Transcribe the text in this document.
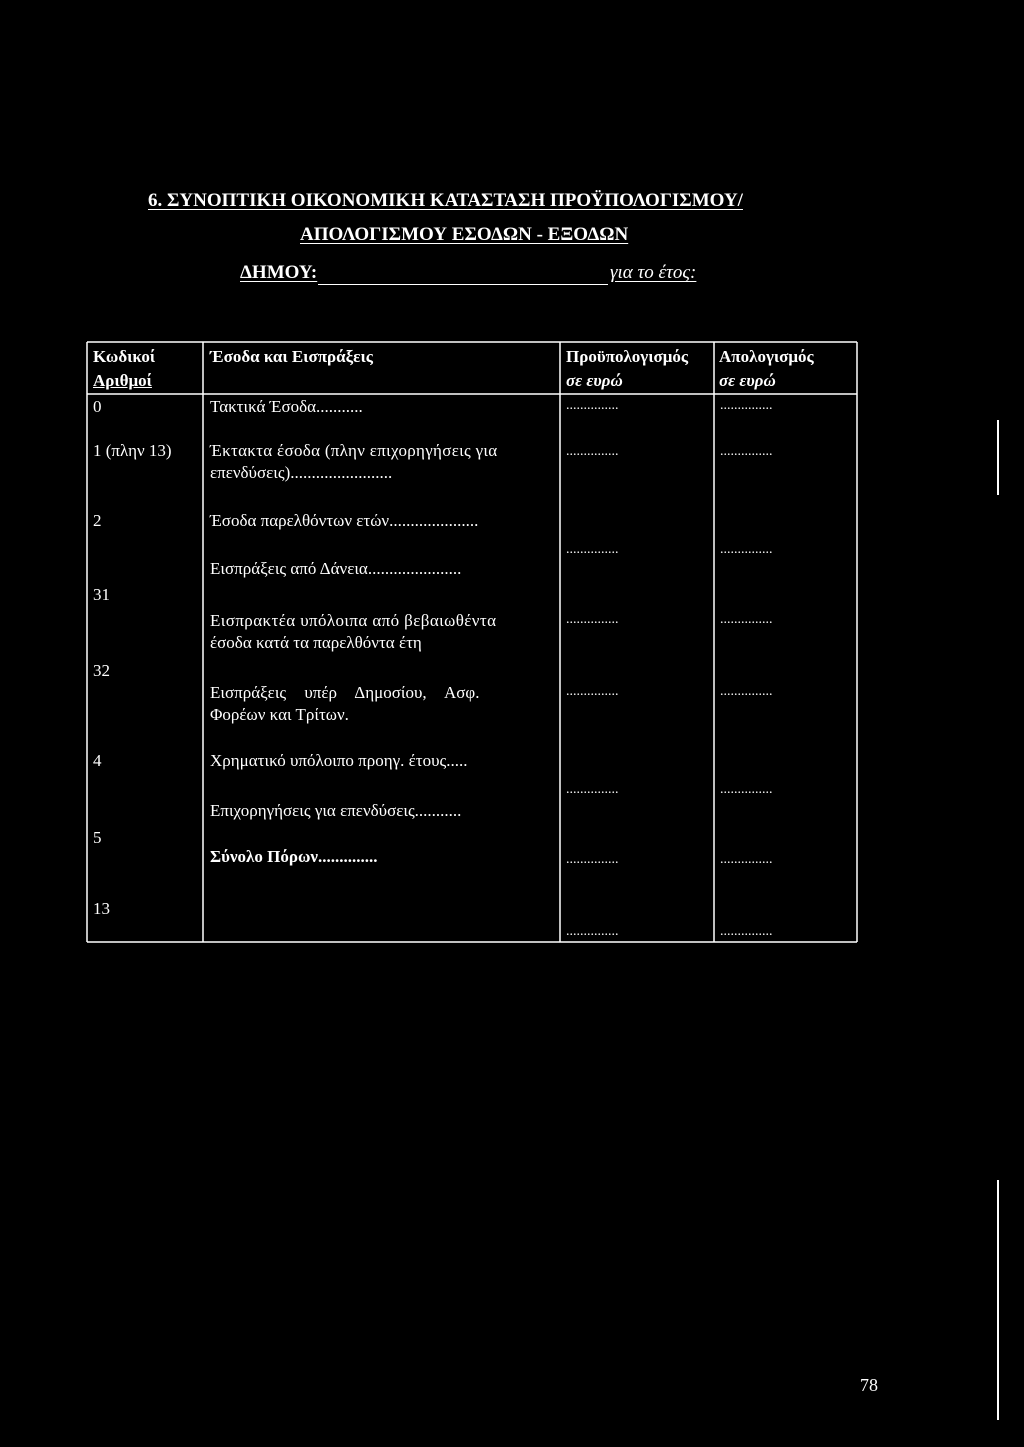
6. ΣΥΝΟΠΤΙΚΗ ΟΙΚΟΝΟΜΙΚΗ ΚΑΤΑΣΤΑΣΗ ΠΡΟΫΠΟΛΟΓΙΣΜΟΥ/
ΑΠΟΛΟΓΙΣΜΟΥ ΕΣΟΔΩΝ - ΕΞΟΔΩΝ
ΔΗΜΟΥ:	για το έτος:
Κωδικοί
Αριθμοί
Έσοδα και Εισπράξεις	Προϋπολογισμός
σε ευρώ
Απολογισμός
σε ευρώ
0
1 (πλην 13)
2
31
32
4
5
13
Τακτικά Έσοδα...........
Έκτακτα έσοδα (πλην επιχορηγήσεις για
επενδύσεις)........................
Έσοδα παρελθόντων ετών.....................
Εισπράξεις από Δάνεια......................
Εισπρακτέα υπόλοιπα από βεβαιωθέντα
έσοδα κατά τα παρελθόντα έτη
Εισπράξεις υπέρ Δημοσίου, Ασφ.
Φορέων και Τρίτων.
Χρηματικό υπόλοιπο προηγ. έτους.....
Επιχορηγήσεις για επενδύσεις...........
Σύνολο Πόρων..............
...............
...............
...............
...............
...............
...............
...............
...............
...............
...............
...............
...............
...............
...............
...............
...............
78
